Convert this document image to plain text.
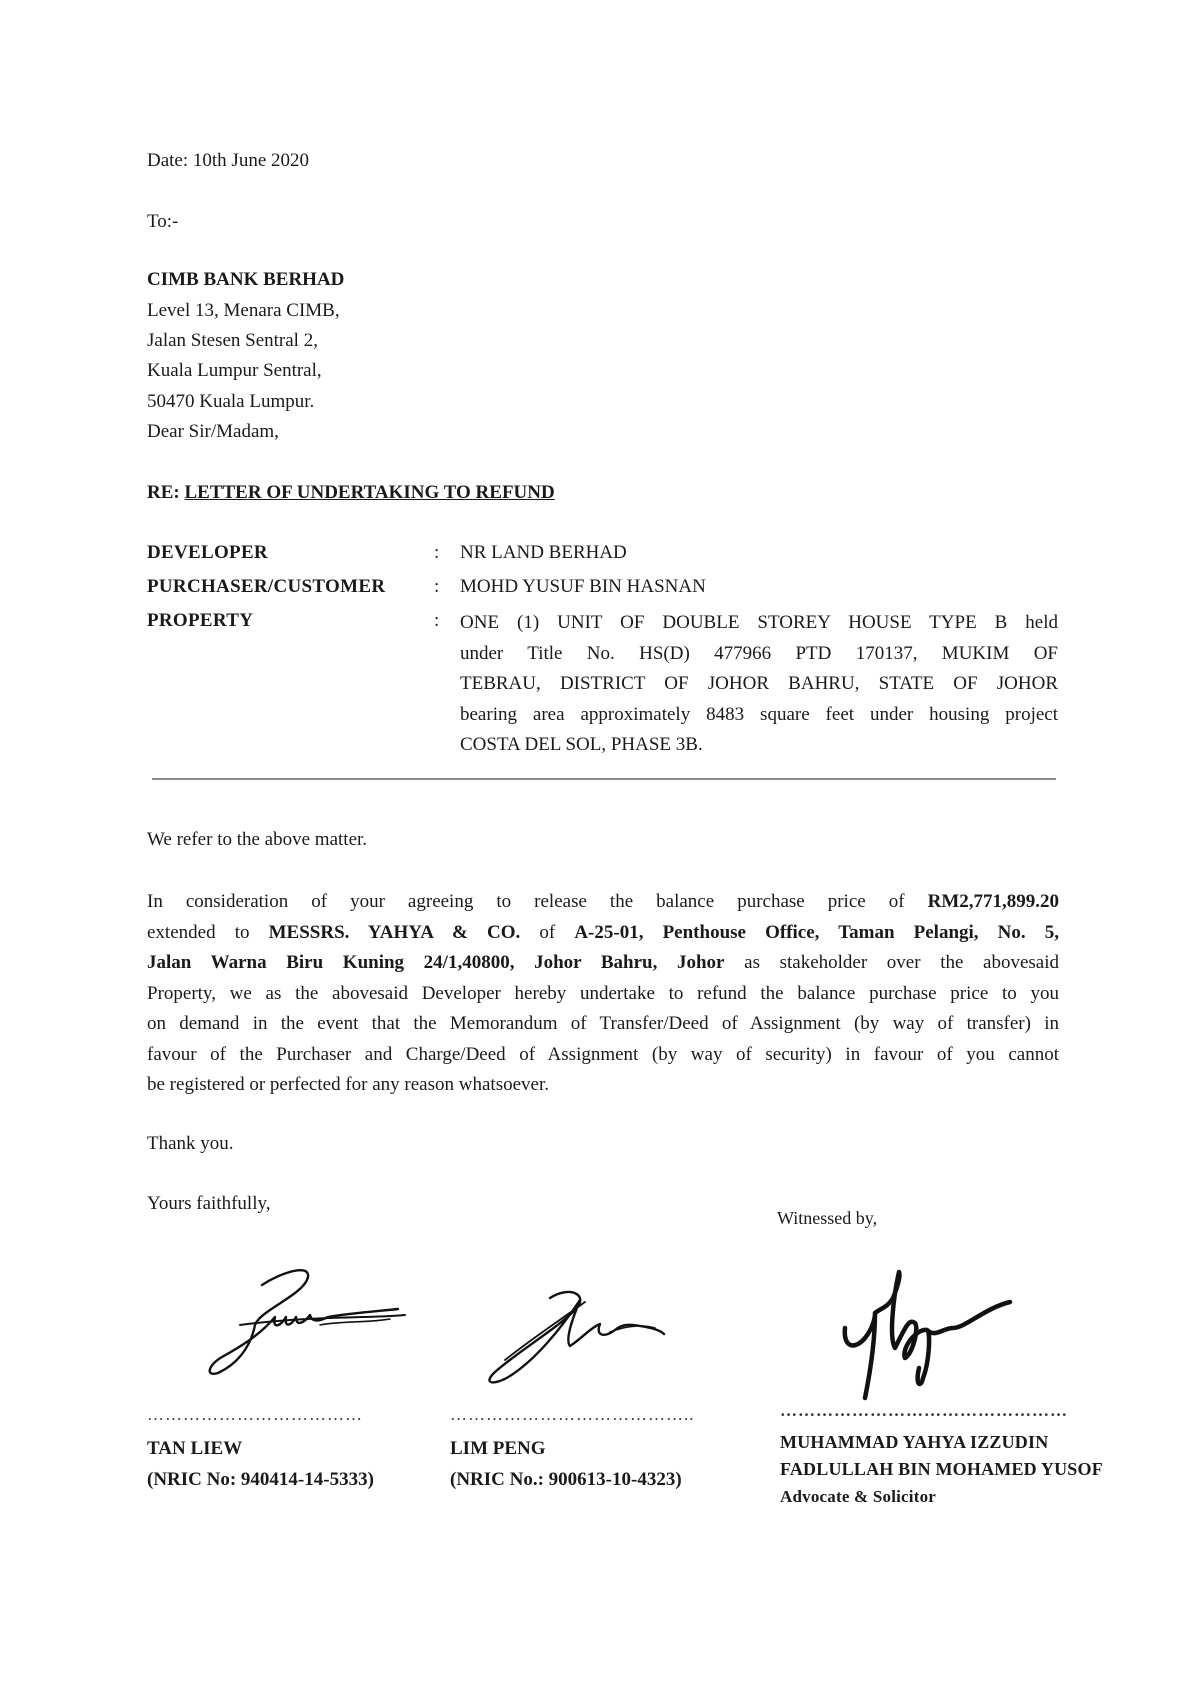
Date: 10th June 2020
To:-
CIMB BANK BERHAD
Level 13, Menara CIMB,
Jalan Stesen Sentral 2,
Kuala Lumpur Sentral,
50470 Kuala Lumpur.
Dear Sir/Madam,
RE: LETTER OF UNDERTAKING TO REFUND
DEVELOPER	: NR LAND BERHAD
PURCHASER/CUSTOMER	: MOHD YUSUF BIN HASNAN
PROPERTY	: ONE (1) UNIT OF DOUBLE STOREY HOUSE TYPE B held
under Title No. HS(D) 477966 PTD 170137, MUKIM OF
TEBRAU, DISTRICT OF JOHOR BAHRU, STATE OF JOHOR
bearing area approximately 8483 square feet under housing project
COSTA DEL SOL, PHASE 3B.
We refer to the above matter.
In consideration of your agreeing to release the balance purchase price of RM2,771,899.20
extended to MESSRS. YAHYA & CO. of A-25-01, Penthouse Office, Taman Pelangi, No. 5,
Jalan Warna Biru Kuning 24/1,40800, Johor Bahru, Johor as stakeholder over the abovesaid
Property, we as the abovesaid Developer hereby undertake to refund the balance purchase price to you
on demand in the event that the Memorandum of Transfer/Deed of Assignment (by way of transfer) in
favour of the Purchaser and Charge/Deed of Assignment (by way of security) in favour of you cannot
be registered or perfected for any reason whatsoever.
Thank you.
Yours faithfully,
Witnessed by,
………………………………
TAN LIEW
(NRIC No: 940414-14-5333)
…………………………………..
LIM PENG
(NRIC No.: 900613-10-4323)
…………………………………………
MUHAMMAD YAHYA IZZUDIN
FADLULLAH BIN MOHAMED YUSOF
Advocate & Solicitor
